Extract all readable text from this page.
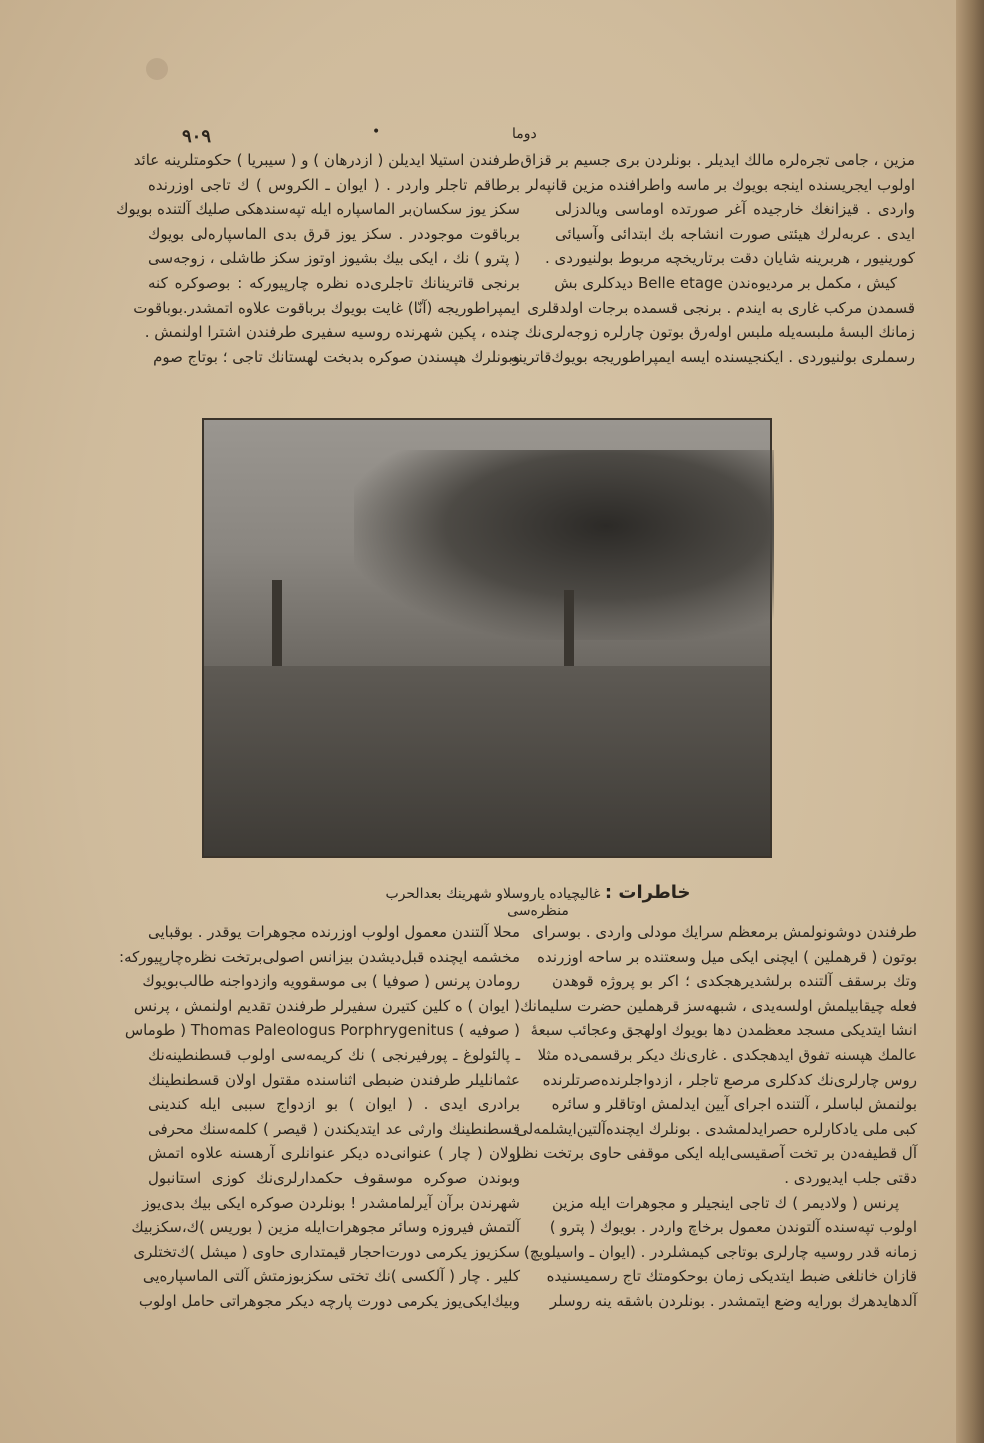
۹۰۹	•	دوما

مزین ، جامی تجره‌لره مالك ایدیلر . بونلردن بری جسیم بر قزاق

اولوب ایجریسنده اینجه بویوك بر ماسه واطرافنده مزین قانپه‌لر

واردی . قیزانغك خارجیده آغر صورتده اوماسی ویالدزلی

ایدی . عربه‌لرك هیئتی صورت انشاجه بك ابتدائی وآسیائی

کورینیور ، هربرینه شایان دقت برتاریخچه مربوط بولنیوردی .

کیش ، مکمل بر مردیوه‌ندن Belle etage دیدکلری بش

قسمدن مرکب غاری به ایندم . برنجی قسمده برجات اولدقلری

زمانك البسهٔ ملبسه‌یله ملبس اوله‌رق بوتون چارلره زوجه‌لری‌نك

رسملری بولنیوردی . ایکنجیسنده ایسه ایمپراطوریجه بویوك‌قاترینه

طرفندن استیلا ایدیلن ( ازدرهان ) و ( سیبریا ) حکومتلرینه عائد

برطاقم تاجلر واردر . ( ایوان ـ الکروس ) ك تاجی اوزرنده

سکز یوز سکسان‌بر الماسپاره ایله تپه‌سندهکی صلیك آلتنده بویوك

برباقوت موجوددر . سکز یوز قرق بدی الماسپاره‌لی بویوك

( پترو ) نك ، ایکی بیك بشیوز اوتوز سکز طاشلی ، زوجه‌سی

برنجی قاترینانك تاجلری‌ده نظره چارپیورکه : بوصوکره کنه

ایمپراطوریجه (آنّا) غایت بویوك برباقوت علاوه اتمشدر.بوباقوت

چنده ، پکین شهرنده روسیه سفیری طرفندن اشترا اولنمش .

وبونلرك هپسندن صوکره بدبخت لهستانك تاجی ؛ بوتاج صوم

خاطرات : غالیچیاده یاروسلاو شهرینك بعدالحرب منظره‌سی

طرفندن دوشونولمش برمعظم سرایك مودلی واردی . بوسرای

بوتون ( قرهملین ) ایچنی ایکی میل وسعتنده بر ساحه اوزرنده

وتك برسقف آلتنده برلشدیرهجکدی ؛ اکر بو پروژه قوهدن

فعله چیقابیلمش اولسه‌یدی ، شبهه‌سز قرهملین حضرت سلیمانك

انشا ایتدیکی مسجد معظمدن دها بویوك اولهجق وعجائب سبعهٔ

عالمك هپسنه تفوق ایدهجکدی . غاری‌نك دیکر برقسمی‌ده مثلا

روس چارلری‌نك کدکلری مرصع تاجلر ، ازدواجلرنده‌صرتلرنده

بولنمش لباسلر ، آلتنده اجرای آیین ایدلمش اوتاقلر و سائره

کبی ملی یادکارلره حصرایدلمشدی . بونلرك ایچنده‌آلتین‌ایشلمه‌لی ،

آل قطیفه‌دن بر تخت آصقیسی‌ایله ایکی موقفی حاوی برتخت نظر

دقتی جلب ایدیوردی .

پرنس ( ولادیمر ) ك تاجی اینجیلر و مجوهرات ایله مزین

اولوب تپه‌سنده آلتوندن معمول برخاچ واردر . بویوك ( پترو )

زمانه قدر روسیه چارلری بوتاجی کیمشلردر . (ایوان ـ واسیلویچ)

قازان خانلغی ضبط ایتدیکی زمان بوحکومتك تاج رسمیسنیده

آلدهایدهرك بورایه وضع ایتمشدر . بونلردن باشقه ینه روسلر

محلا آلتندن معمول اولوب اوزرنده مجوهرات یوقدر . بوقبایی

مخشمه ایچنده قبل‌دیشدن بیزانس اصولی‌برتخت نظره‌چارپیورکه:

رومادن پرنس ( صوفیا ) بی موسقوویه وازدواجنه طالب‌بویوك

( ایوان ) ه کلین کتیرن سفیرلر طرفندن تقدیم اولنمش ، پرنس

( صوفیه ) Thomas Paleologus Porphrygenitus ( طوماس

ـ پالئولوغ ـ پورفیرنجی ) نك کریمه‌سی اولوب قسطنطینه‌نك

عثمانلیلر طرفندن ضبطی اثناسنده مقتول اولان قسطنطینك

برادری ایدی . ( ایوان ) بو ازدواج سببی ایله کندینی

قسطنطینك وارثی عد ایتدیکندن ( قیصر ) کلمه‌سنك محرفی

اولان ( چار ) عنوانی‌ده دیکر عنوانلری آرهسنه علاوه اتمش

وبوندن صوکره موسقوف حکمدارلری‌نك کوزی استانبول

شهرندن برآن آیرلمامشدر ! بونلردن صوکره ایکی بیك بدی‌یوز

آلتمش فیروزه وسائر مجوهرات‌ایله مزین ( بوریس )ك،سکزبیك

سکزیوز یکرمی دورت‌احجار قیمتداری حاوی ( میشل )ك‌تختلری

کلیر . چار ( آلکسی )نك تختی سکزبوزمتش آلتی الماسپاره‌یی

وبیك‌ایکی‌یوز یکرمی دورت پارچه دیکر مجوهراتی حامل اولوب
